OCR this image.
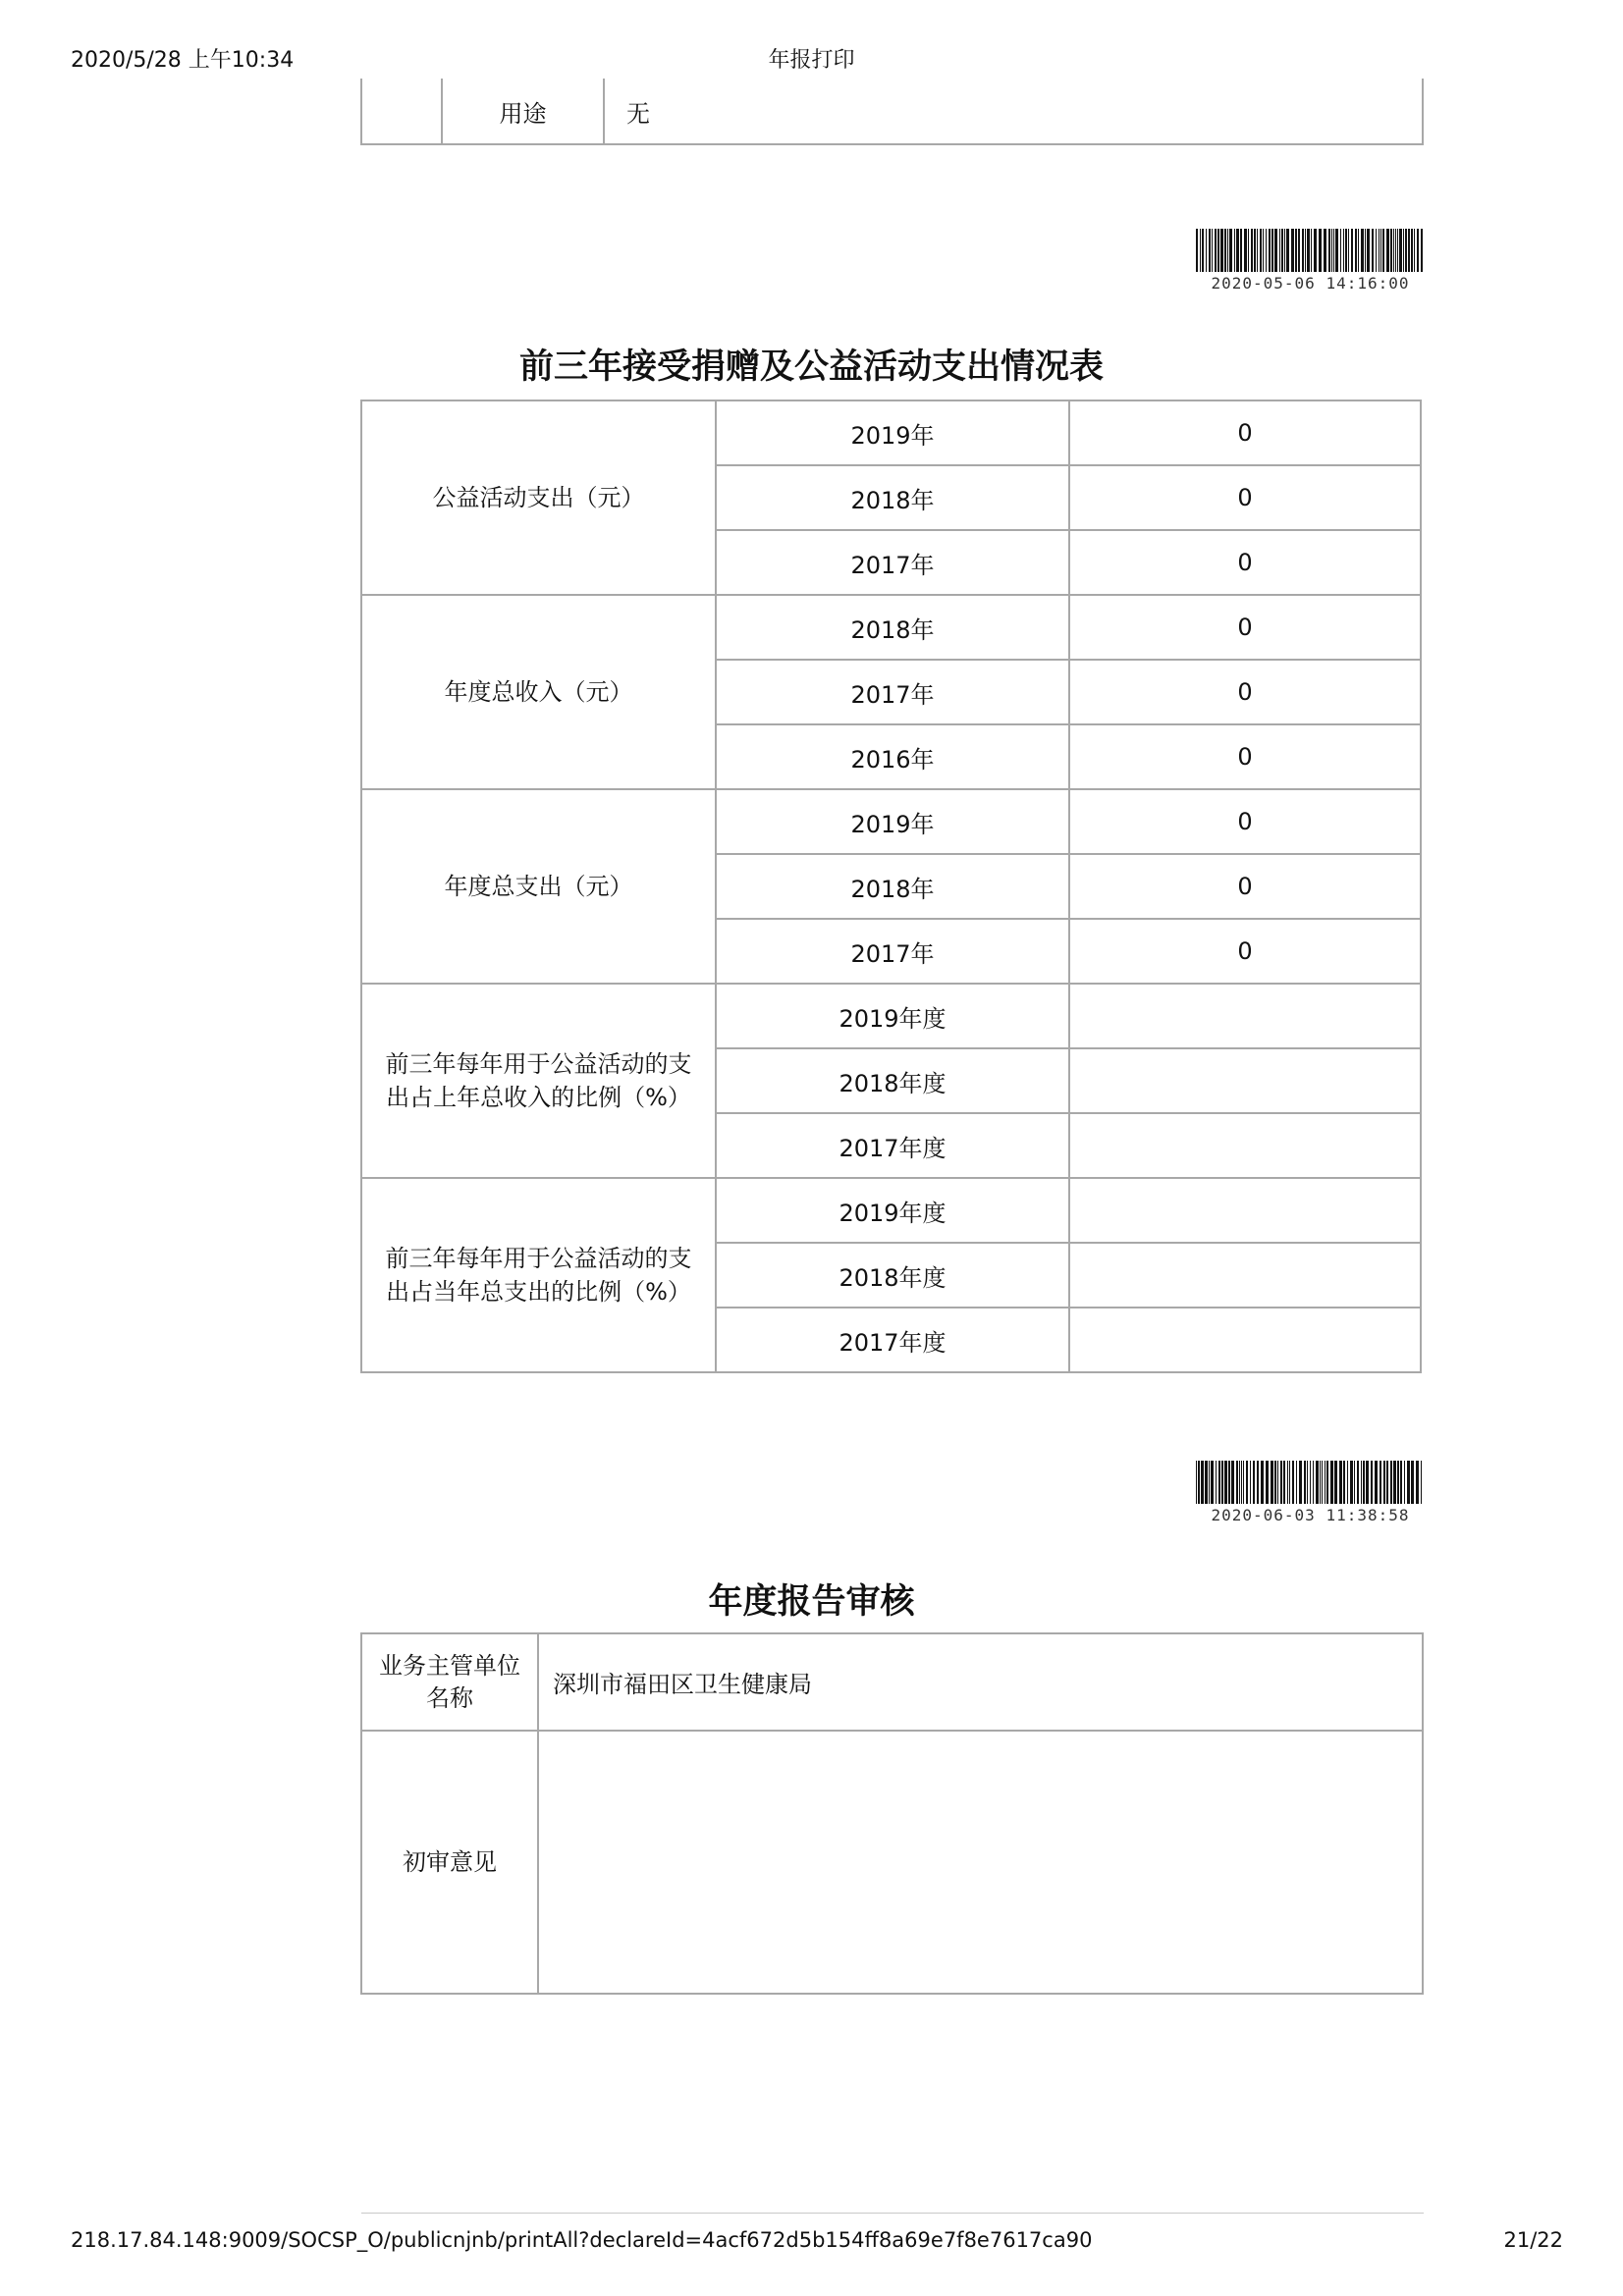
2020/5/28 上午10:34	年报打印
	用途	无
2020-05-06 14:16:00
前三年接受捐赠及公益活动支出情况表
公益活动支出（元）	2019年	0
	2018年	0
	2017年	0
年度总收入（元）	2018年	0
	2017年	0
	2016年	0
年度总支出（元）	2019年	0
	2018年	0
	2017年	0
前三年每年用于公益活动的支出占上年总收入的比例（%）	2019年度	
	2018年度	
	2017年度	
前三年每年用于公益活动的支出占当年总支出的比例（%）	2019年度	
	2018年度	
	2017年度	
2020-06-03 11:38:58
年度报告审核
业务主管单位名称	深圳市福田区卫生健康局
初审意见	
218.17.84.148:9009/SOCSP_O/publicnjnb/printAll?declareId=4acf672d5b154ff8a69e7f8e7617ca90	21/22
